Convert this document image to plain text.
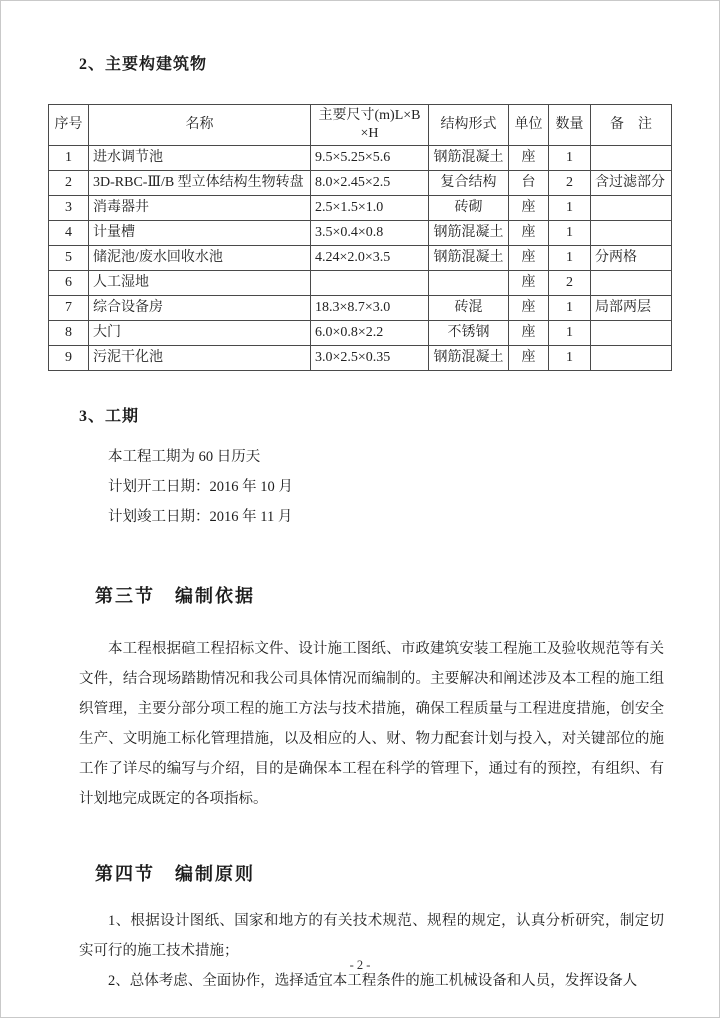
2、主要构建筑物
序号	名称	主要尺寸(m)L×B×H	结构形式	单位	数量	备　注
1	进水调节池	9.5×5.25×5.6	钢筋混凝土	座	1	
2	3D-RBC-Ⅲ/B 型立体结构生物转盘	8.0×2.45×2.5	复合结构	台	2	含过滤部分
3	消毒器井	2.5×1.5×1.0	砖砌	座	1	
4	计量槽	3.5×0.4×0.8	钢筋混凝土	座	1	
5	储泥池/废水回收水池	4.24×2.0×3.5	钢筋混凝土	座	1	分两格
6	人工湿地			座	2	
7	综合设备房	18.3×8.7×3.0	砖混	座	1	局部两层
8	大门	6.0×0.8×2.2	不锈钢	座	1	
9	污泥干化池	3.0×2.5×0.35	钢筋混凝土	座	1	
3、工期
本工程工期为 60 日历天
计划开工日期：2016 年 10 月
计划竣工日期：2016 年 11 月
第三节　编制依据

本工程根据碹工程招标文件、设计施工图纸、市政建筑安装工程施工及验收规范等有关文件，结合现场踏勘情况和我公司具体情况而编制的。主要解决和阐述涉及本工程的施工组织管理，主要分部分项工程的施工方法与技术措施，确保工程质量与工程进度措施，创安全生产、文明施工标化管理措施，以及相应的人、财、物力配套计划与投入，对关键部位的施工作了详尽的编写与介绍，目的是确保本工程在科学的管理下，通过有的预控，有组织、有计划地完成既定的各项指标。

第四节　编制原则

1、根据设计图纸、国家和地方的有关技术规范、规程的规定，认真分析研究，制定切实可行的施工技术措施；

2、总体考虑、全面协作，选择适宜本工程条件的施工机械设备和人员，发挥设备人

- 2 -
